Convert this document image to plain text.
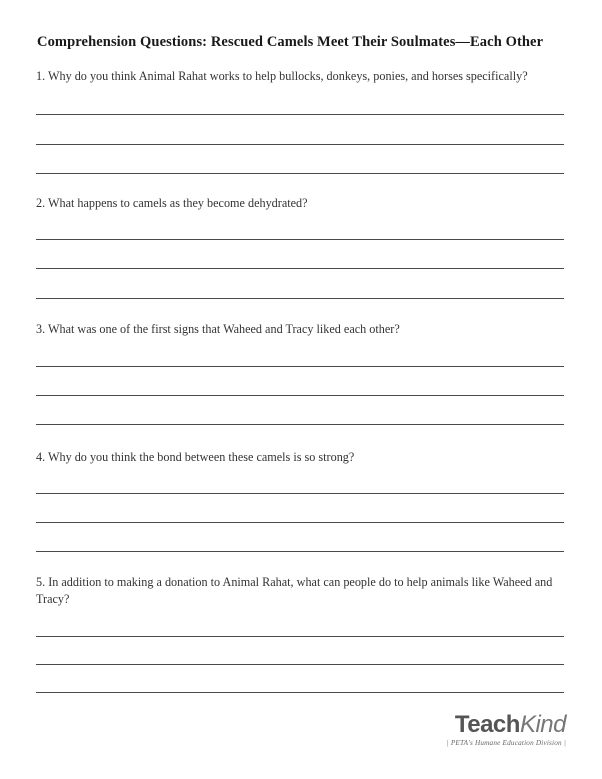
Comprehension Questions: Rescued Camels Meet Their Soulmates—Each Other
1. Why do you think Animal Rahat works to help bullocks, donkeys, ponies, and horses specifically?
2. What happens to camels as they become dehydrated?
3. What was one of the first signs that Waheed and Tracy liked each other?
4. Why do you think the bond between these camels is so strong?
5. In addition to making a donation to Animal Rahat, what can people do to help animals like Waheed and Tracy?
TeachKind
| PETA's Humane Education Division |
